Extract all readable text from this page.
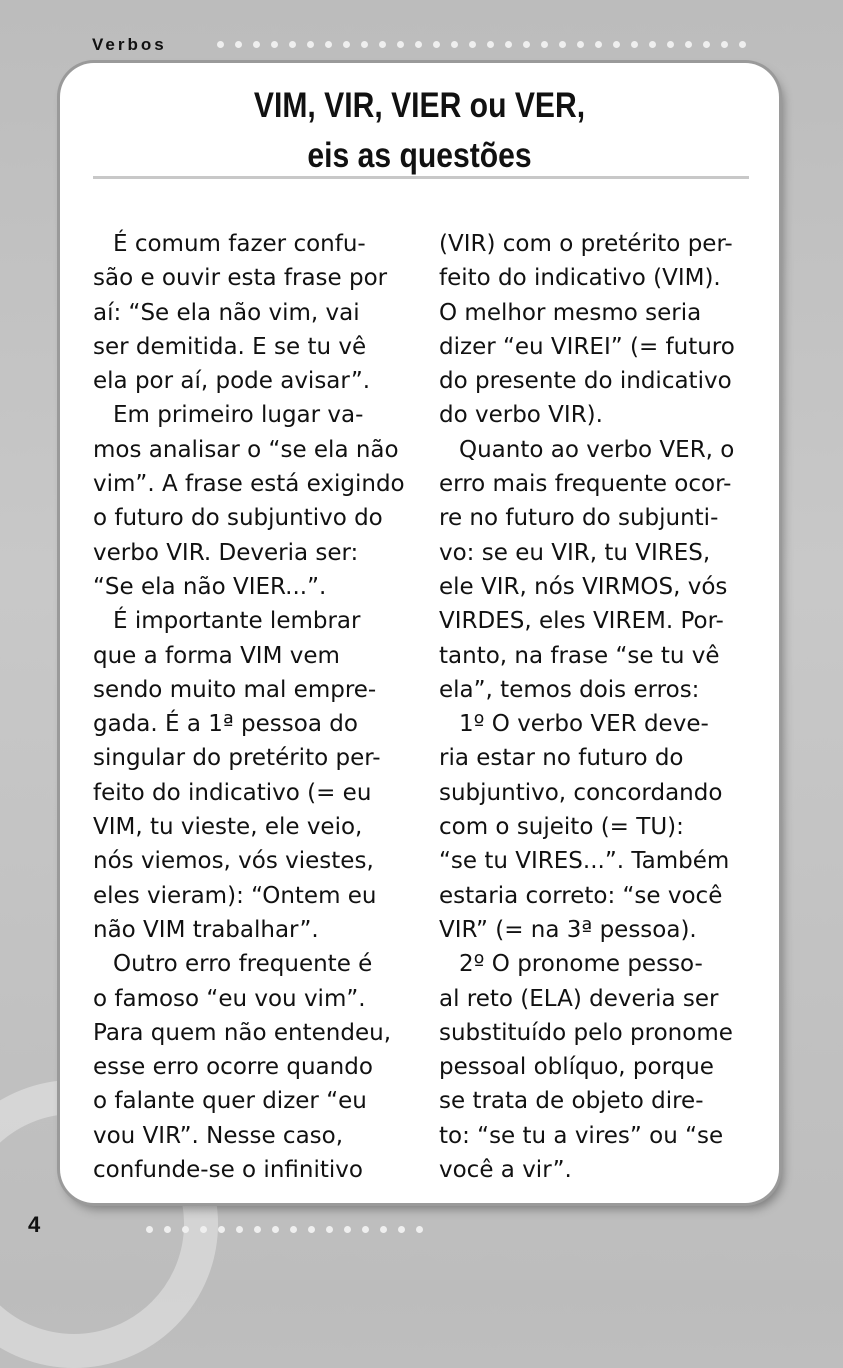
Verbos
VIM, VIR, VIER ou VER,
eis as questões
É comum fazer confu-
são e ouvir esta frase por
aí: “Se ela não vim, vai
ser demitida. E se tu vê
ela por aí, pode avisar”.
Em primeiro lugar va-
mos analisar o “se ela não
vim”. A frase está exigindo
o futuro do subjuntivo do
verbo VIR. Deveria ser:
“Se ela não VIER...”.
É importante lembrar
que a forma VIM vem
sendo muito mal empre-
gada. É a 1ª pessoa do
singular do pretérito per-
feito do indicativo (= eu
VIM, tu vieste, ele veio,
nós viemos, vós viestes,
eles vieram): “Ontem eu
não VIM trabalhar”.
Outro erro frequente é
o famoso “eu vou vim”.
Para quem não entendeu,
esse erro ocorre quando
o falante quer dizer “eu
vou VIR”. Nesse caso,
confunde-se o infinitivo
(VIR) com o pretérito per-
feito do indicativo (VIM).
O melhor mesmo seria
dizer “eu VIREI” (= futuro
do presente do indicativo
do verbo VIR).
Quanto ao verbo VER, o
erro mais frequente ocor-
re no futuro do subjunti-
vo: se eu VIR, tu VIRES,
ele VIR, nós VIRMOS, vós
VIRDES, eles VIREM. Por-
tanto, na frase “se tu vê
ela”, temos dois erros:
1º O verbo VER deve-
ria estar no futuro do
subjuntivo, concordando
com o sujeito (= TU):
“se tu VIRES...”. Também
estaria correto: “se você
VIR” (= na 3ª pessoa).
2º O pronome pesso-
al reto (ELA) deveria ser
substituído pelo pronome
pessoal oblíquo, porque
se trata de objeto dire-
to: “se tu a vires” ou “se
você a vir”.
4
